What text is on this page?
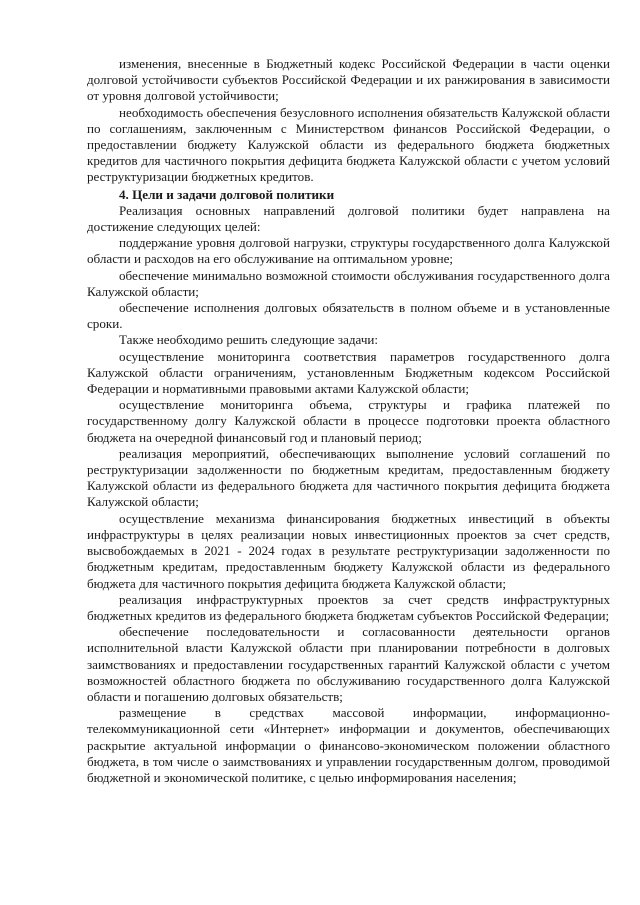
изменения, внесенные в Бюджетный кодекс Российской Федерации в части оценки долговой устойчивости субъектов Российской Федерации и их ранжирования в зависимости от уровня долговой устойчивости;

необходимость обеспечения безусловного исполнения обязательств Калужской области по соглашениям, заключенным с Министерством финансов Российской Федерации, о предоставлении бюджету Калужской области из федерального бюджета бюджетных кредитов для частичного покрытия дефицита бюджета Калужской области с учетом условий реструктуризации бюджетных кредитов.

4. Цели и задачи долговой политики

Реализация основных направлений долговой политики будет направлена на достижение следующих целей:

поддержание уровня долговой нагрузки, структуры государственного долга Калужской области и расходов на его обслуживание на оптимальном уровне;

обеспечение минимально возможной стоимости обслуживания государственного долга Калужской области;

обеспечение исполнения долговых обязательств в полном объеме и в установленные сроки.

Также необходимо решить следующие задачи:

осуществление мониторинга соответствия параметров государственного долга Калужской области ограничениям, установленным Бюджетным кодексом Российской Федерации и нормативными правовыми актами Калужской области;

осуществление мониторинга объема, структуры и графика платежей по государственному долгу Калужской области в процессе подготовки проекта областного бюджета на очередной финансовый год и плановый период;

реализация мероприятий, обеспечивающих выполнение условий соглашений по реструктуризации задолженности по бюджетным кредитам, предоставленным бюджету Калужской области из федерального бюджета для частичного покрытия дефицита бюджета Калужской области;

осуществление механизма финансирования бюджетных инвестиций в объекты инфраструктуры в целях реализации новых инвестиционных проектов за счет средств, высвобождаемых в 2021 - 2024 годах в результате реструктуризации задолженности по бюджетным кредитам, предоставленным бюджету Калужской области из федерального бюджета для частичного покрытия дефицита бюджета Калужской области;

реализация инфраструктурных проектов за счет средств инфраструктурных бюджетных кредитов из федерального бюджета бюджетам субъектов Российской Федерации;

обеспечение последовательности и согласованности деятельности органов исполнительной власти Калужской области при планировании потребности в долговых заимствованиях и предоставлении государственных гарантий Калужской области с учетом возможностей областного бюджета по обслуживанию государственного долга Калужской области и погашению долговых обязательств;

размещение в средствах массовой информации, информационно-телекоммуникационной сети «Интернет» информации и документов, обеспечивающих раскрытие актуальной информации о финансово-экономическом положении областного бюджета, в том числе о заимствованиях и управлении государственным долгом, проводимой бюджетной и экономической политике, с целью информирования населения;
